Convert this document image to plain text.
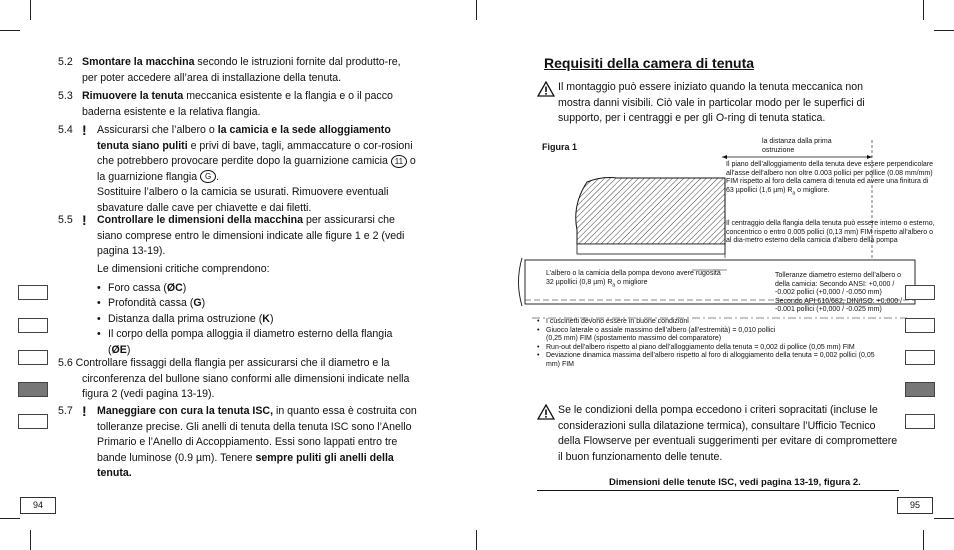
5.2 Smontare la macchina secondo le istruzioni fornite dal produtto-re, per poter accedere all’area di installazione della tenuta.
5.3 Rimuovere la tenuta meccanica esistente e la flangia e o il pacco baderna esistente e la relativa flangia.
5.4 ! Assicurarsi che l’albero o la camicia e la sede alloggiamento tenuta siano puliti e privi di bave, tagli, ammaccature o cor-rosioni che potrebbero provocare perdite dopo la guarnizione camicia 11 o la guarnizione flangia G .
Sostituire l’albero o la camicia se usurati. Rimuovere eventuali sbavature dalle cave per chiavette e dai filetti.
5.5 ! Controllare le dimensioni della macchina per assicurarsi che siano comprese entro le dimensioni indicate alle figure 1 e 2 (vedi pagina 13-19).
Le dimensioni critiche comprendono:
• Foro cassa (ØC)
• Profondità cassa (G)
• Distanza dalla prima ostruzione (K)
• Il corpo della pompa alloggia il diametro esterno della flangia (ØE)
5.6 Controllare fissaggi della flangia per assicurarsi che il diametro e la circonferenza del bullone siano conformi alle dimensioni indicate nella figura 2 (vedi pagina 13-19).
5.7 ! Maneggiare con cura la tenuta ISC, in quanto essa è costruita con tolleranze precise. Gli anelli di tenuta della tenuta ISC sono l’Anello Primario e l’Anello di Accoppiamento. Essi sono lappati entro tre bande luminose (0.9 µm). Tenere sempre puliti gli anelli della tenuta.
94
Requisiti della camera di tenuta
Il montaggio può essere iniziato quando la tenuta meccanica non mostra danni visibili. Ciò vale in particolar modo per le superfici di supporto, per i centraggi e per gli O-ring di tenuta statica.
Figura 1
la distanza dalla prima ostruzione
Il piano dell’alloggiamento della tenuta deve essere perpendicolare all’asse dell’albero non oltre 0.003 pollici per pollice (0.08 mm/mm) FIM rispetto al foro della camera di tenuta ed avere una finitura di 63 µpollici (1,6 µm) $R_a$ o migliore.
Il centraggio della flangia della tenuta può essere interno o esterno, concentrico o entro 0.005 pollici (0,13 mm) FIM rispetto all’albero o al dia-metro esterno della camicia d’albero della pompa
L’albero o la camicia della pompa devono avere rugosità 32 µpollici (0,8 µm) $R_a$ o migliore
Tolleranze diametro esterno dell’albero o della camicia: Secondo ANSI: +0,000 / -0.002 pollici (+0,000 / -0.050 mm) Secondo API 610/682, DIN/ISO: +0,000 / -0.001 pollici (+0,000 / -0.025 mm)
• I cuscinetti devono essere in buone condizioni
• Giuoco laterale o assiale massimo dell’albero (all’estremità) = 0,010 pollici (0,25 mm) FIM (spostamento massimo del comparatore)
• Run-out dell’albero rispetto al piano dell’alloggiamento della tenuta = 0,002 di pollice (0,05 mm) FIM
• Deviazione dinamica massima dell’albero rispetto al foro di alloggiamento della tenuta = 0,002 pollici (0,05 mm) FIM
Se le condizioni della pompa eccedono i criteri sopracitati (incluse le considerazioni sulla dilatazione termica), consultare l’Ufficio Tecnico della Flowserve per eventuali suggerimenti per evitare di compromettere il buon funzionamento delle tenute.
Dimensioni delle tenute ISC, vedi pagina 13-19, figura 2.
95
